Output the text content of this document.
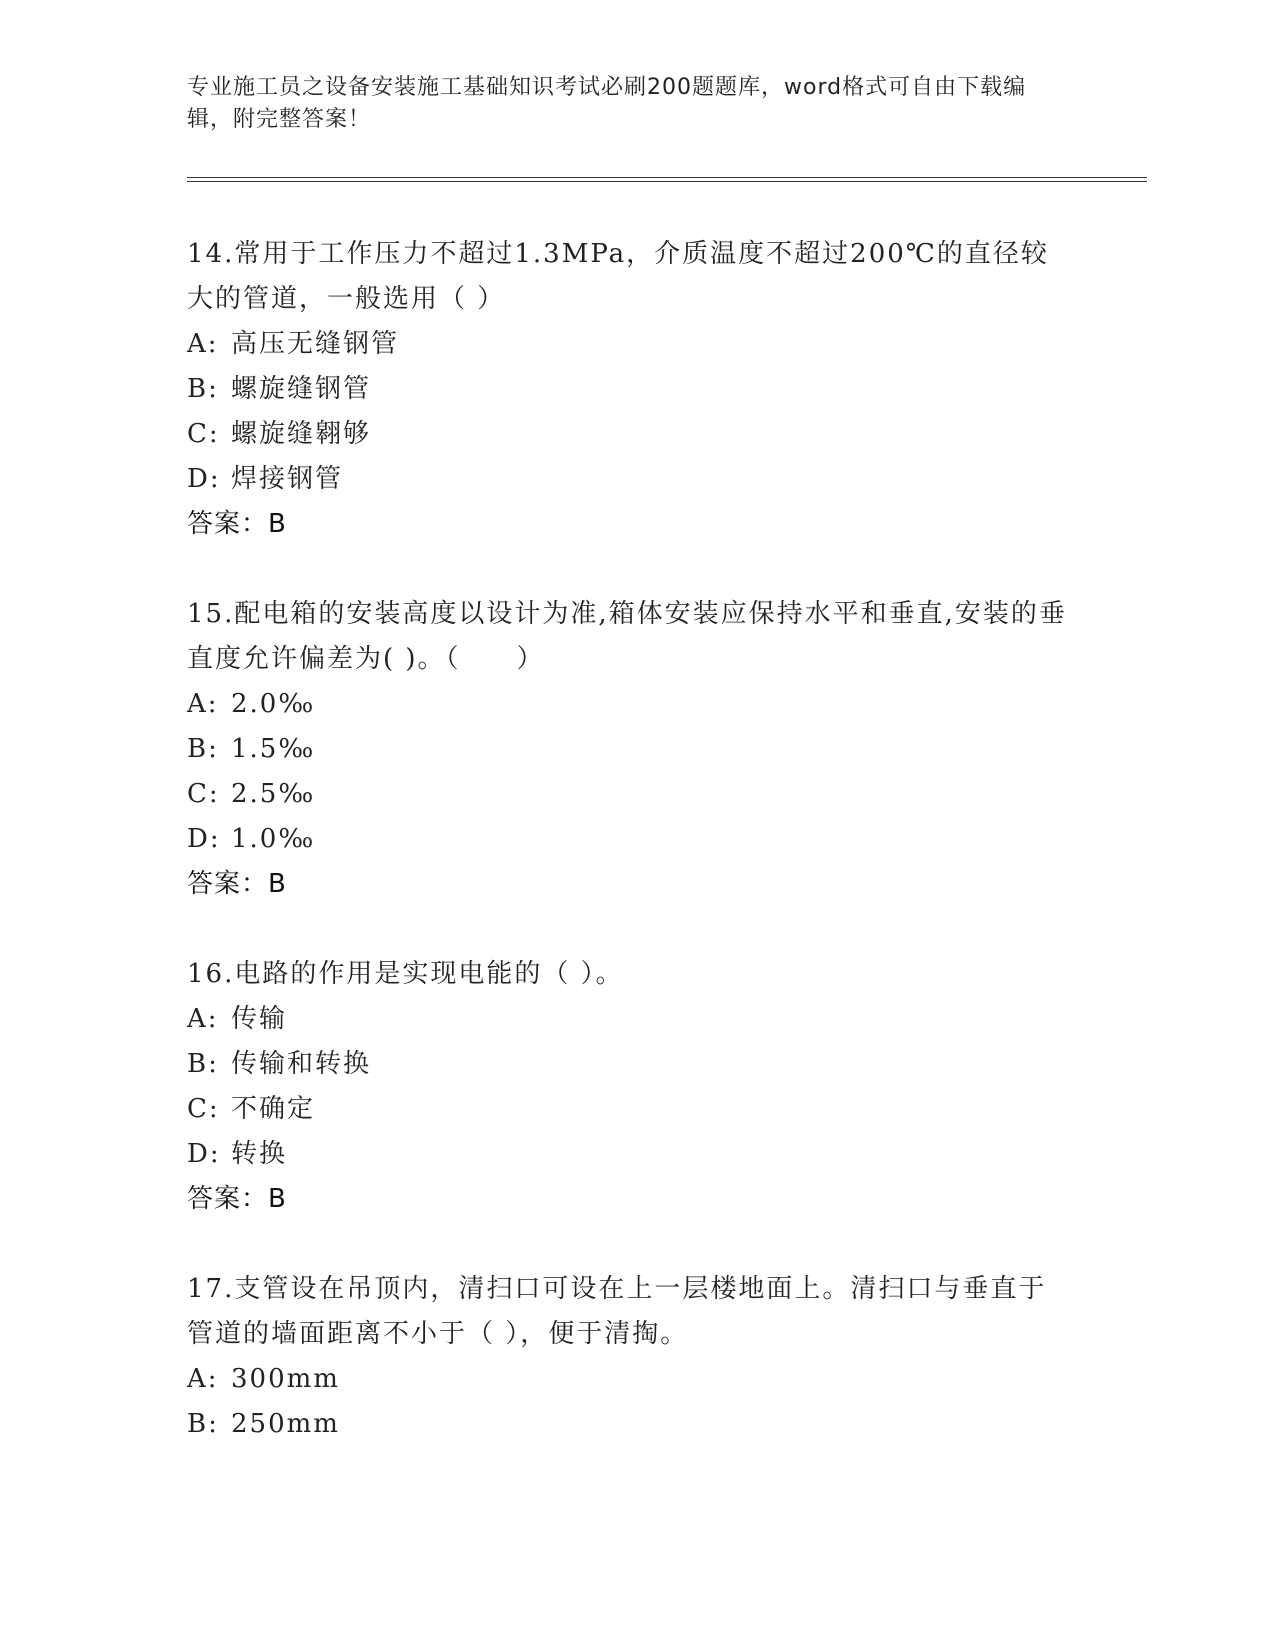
专业施工员之设备安装施工基础知识考试必刷200题题库，word格式可自由下载编辑，附完整答案！

14.常用于工作压力不超过1.3MPa，介质温度不超过200℃的直径较大的管道，一般选用（ ）

A: 高压无缝钢管

B: 螺旋缝钢管

C: 螺旋缝翱够

D: 焊接钢管

答案：B

15.配电箱的安装高度以设计为准,箱体安装应保持水平和垂直,安装的垂直度允许偏差为( )。（　　）

A: 2.0‰

B: 1.5‰

C: 2.5‰

D: 1.0‰

答案：B

16.电路的作用是实现电能的（ ）。

A: 传输

B: 传输和转换

C: 不确定

D: 转换

答案：B

17.支管设在吊顶内，清扫口可设在上一层楼地面上。清扫口与垂直于管道的墙面距离不小于（ ），便于清掏。

A: 300mm

B: 250mm
